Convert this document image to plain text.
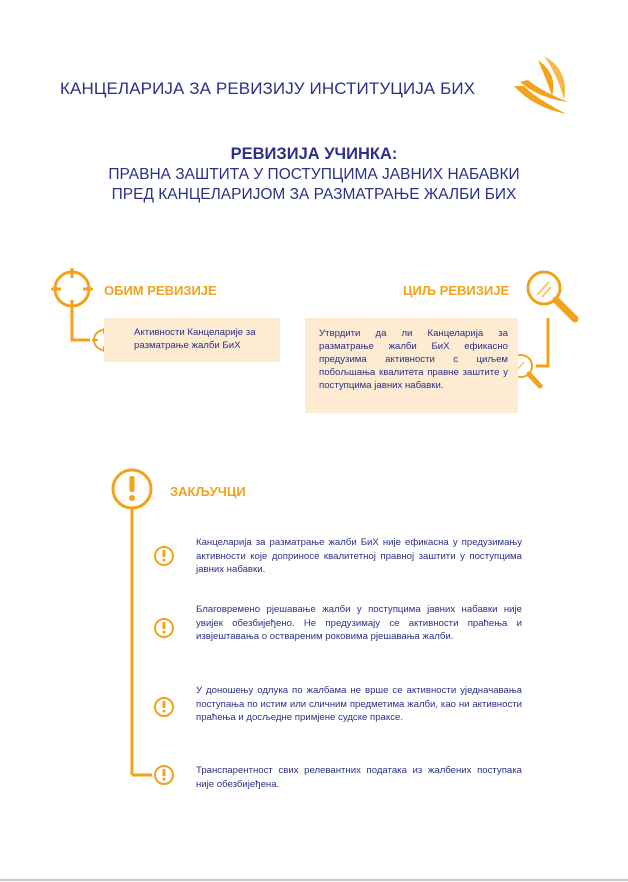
КАНЦЕЛАРИЈА ЗА РЕВИЗИЈУ ИНСТИТУЦИЈА БИХ
РЕВИЗИЈА УЧИНКА:
ПРАВНА ЗАШТИТА У ПОСТУПЦИМА ЈАВНИХ НАБАВКИ
ПРЕД КАНЦЕЛАРИЈОМ ЗА РАЗМАТРАЊЕ ЖАЛБИ БИХ
ОБИМ РЕВИЗИЈЕ
Активности Канцеларије за разматрање жалби БиХ
ЦИЉ РЕВИЗИЈЕ
Утврдити да ли Канцеларија за разматрање жалби БиХ ефикасно предузима активности с циљем побољшања квалитета правне заштите у поступцима јавних набавки.
ЗАКЉУЧЦИ
Канцеларија за разматрање жалби БиХ није ефикасна у предузимању активности које доприносе квалитетној правној заштити у поступцима јавних набавки.
Благовремено рјешавање жалби у поступцима јавних набавки није увијек обезбијеђено. Не предузимају се активности праћења и извјештавања о оствареним роковима рјешавања жалби.
У доношењу одлука по жалбама не врше се активности уједначавања поступања по истим или сличним предметима жалби, као ни активности праћења и досљедне примјене судске праксе.
Транспарентност свих релевантних података из жалбених поступака није обезбијеђена.
